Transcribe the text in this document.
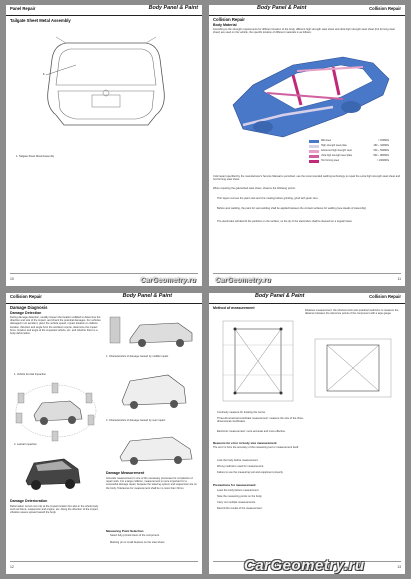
Panel Repair	Body Panel & Paint
Tailgate Sheet Metal Assembly
1
1. Tailgate Sheet Metal Assembly
10	CarGeometry.ru
Body Panel & Paint	Collision Repair
Collision Repair
Body Material
According to the strength requirements for different location of the body, different high strength steel sheet and ultra high strength steel sheet (hot forming steel sheet) are used on the vehicle, the specific location of different materials is as follows:
Mild steel	< 180MPa
High strength steel plate	180 ~ 340MPa
Advanced high strength steel	340 ~ 590MPa
Ultra high strength steel plate	590 ~ 980MPa
Hot forming steel	> 1000MPa
Cold repair specified by the manufacturer's Service Manual is permitted, use the recommended welding technology to repair the extra high strength steel sheet and hot forming steel sheet.
When repairing the galvanized steel sheet, observe the following points:
Thin layers remove the paint coat and zinc coating before grinding, grind with grain zero.
Before spot welding, the paint for spot welding shall be applied between the contact surfaces for welding (see Heads of Assembly).
The electrodes will absorb the particles on the surface, so the tip of the electrodes shall be cleaned on a regular basis.
11
CarGeometry.ru
Collision Repair	Body Panel & Paint
Damage Diagnosis
Damage Detection
During damage detection, usually inspect the location collided to determine the direction and size of the impact, and check the potential damages. For vehicles damaged in an accident, given the vehicle speed, impact location or collision location, direction and angle from the accident reports, determine the impact force, location and angle of the impacted vehicle, etc. and whether there is a body deformation.
1. Vehicle Frontal Impaction
2. Lateral Impaction
Damage Deterioration
Deformation occurs not only at the impact location but also in the whole body such as frame, suspension and engine, etc. Along the direction of the impact, vibration waves spread toward the body.
1. Characteristics of damage caused by middle impact
2. Characteristics of damage caused by rear impact
Damage Measurement
Accurate measurement is one of the necessary processes for completion of repair work. For a large collision, measurement is more important for a successful damage repair, because the steering system and suspension are on the body. Tolerances for measurement shall be no more than ±3mm.
Measuring Point Selection
Select fully-printed clean of the component.
Marking pin or small depress on the steel sheet.
12
Body Panel & Paint	Collision Repair
Method of measurement
Distance measurement: the shortest and most practical method is to measure the distance between the reference points of the component with a tape gauge.
Continuity measure for locating the centre.
Three-dimensional coordinate measurement: measure the size of the three-dimensional coordinates.
Electronic measurement: more accurate and more effective.
Reasons for error in body size measurement
The error is from the accuracy of the measuring tool or measurement itself.
Lock the body before measurement.
Wrong method is used for measurement.
Failure to use the measuring tool and equipment properly.
Precautions for measurement:
Level the body before measurement.
Note the measuring points on the body.
Carry out multiple measurements.
Record the results of the measurement.
13
CarGeometry.ru
